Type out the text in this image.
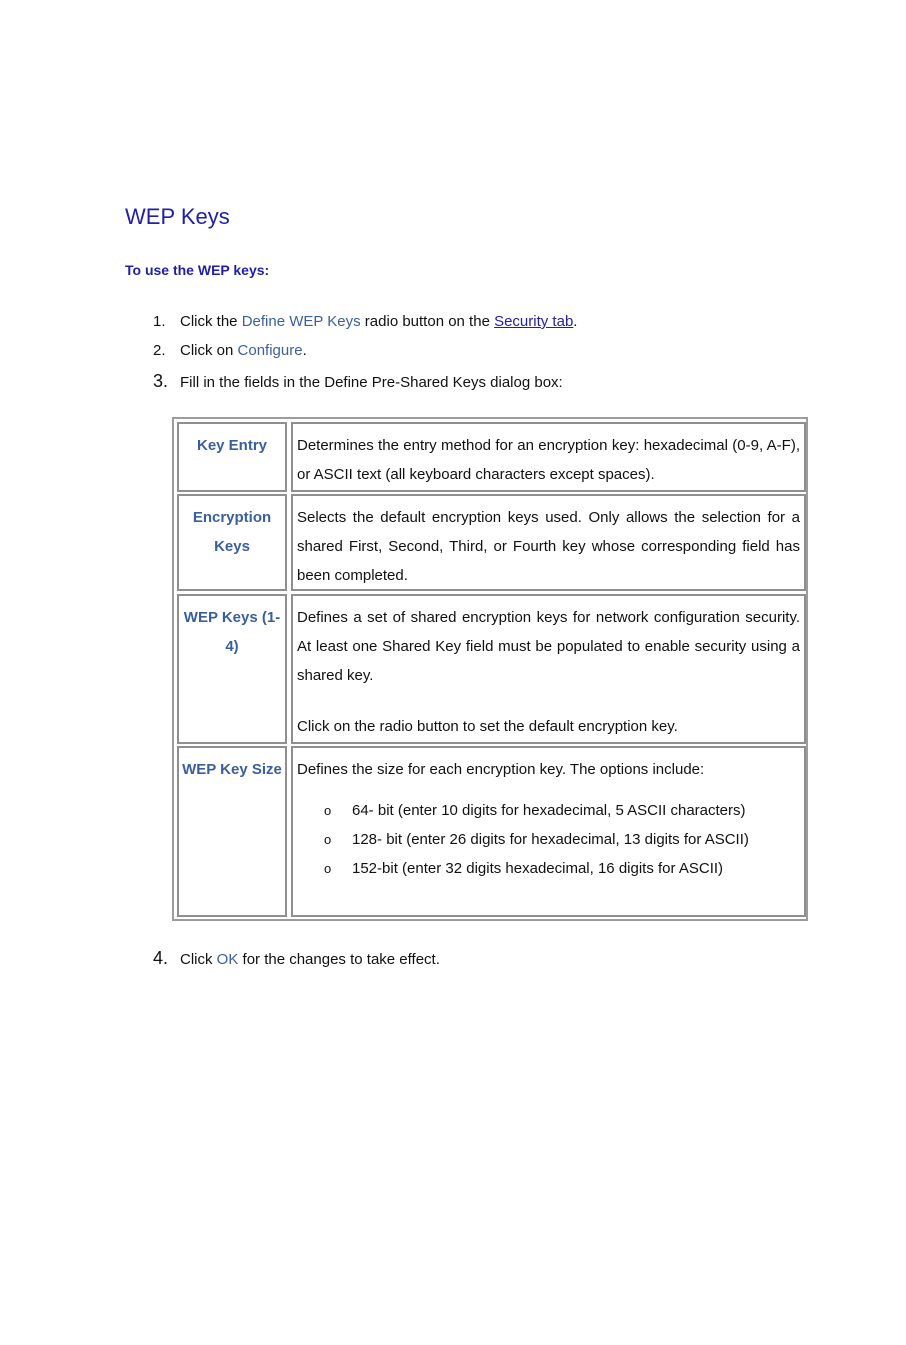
WEP Keys
To use the WEP keys:
1. Click the Define WEP Keys radio button on the Security tab.
2. Click on Configure.
3. Fill in the fields in the Define Pre-Shared Keys dialog box:
Key Entry	Determines the entry method for an encryption key: hexadecimal (0-9, A-F), or ASCII text (all keyboard characters except spaces).

Encryption Keys

Selects the default encryption keys used. Only allows the selection for a shared First, Second, Third, or Fourth key whose corresponding field has been completed.

WEP Keys (1-4)

Defines a set of shared encryption keys for network configuration security. At least one Shared Key field must be populated to enable security using a shared key.

Click on the radio button to set the default encryption key.

WEP Key Size	Defines the size for each encryption key. The options include:

o 64- bit (enter 10 digits for hexadecimal, 5 ASCII characters)
o 128- bit (enter 26 digits for hexadecimal, 13 digits for ASCII)
o 152-bit (enter 32 digits hexadecimal, 16 digits for ASCII)
4. Click OK for the changes to take effect.
